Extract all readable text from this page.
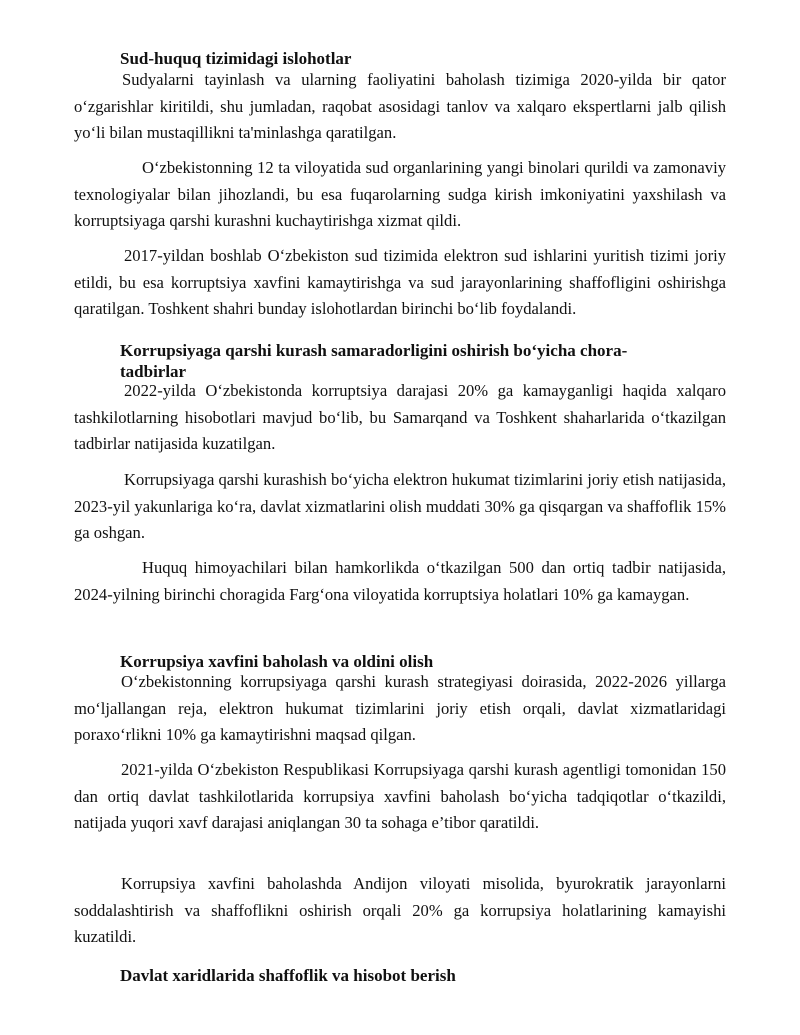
Sud-huquq tizimidagi islohotlar

Sudyalarni tayinlash va ularning faoliyatini baholash tizimiga 2020-yilda bir qator o‘zgarishlar kiritildi, shu jumladan, raqobat asosidagi tanlov va xalqaro ekspertlarni jalb qilish yo‘li bilan mustaqillikni ta'minlashga qaratilgan.

O‘zbekistonning 12 ta viloyatida sud organlarining yangi binolari qurildi va zamonaviy texnologiyalar bilan jihozlandi, bu esa fuqarolarning sudga kirish imkoniyatini yaxshilash va korruptsiyaga qarshi kurashni kuchaytirishga xizmat qildi.

2017-yildan boshlab O‘zbekiston sud tizimida elektron sud ishlarini yuritish tizimi joriy etildi, bu esa korruptsiya xavfini kamaytirishga va sud jarayonlarining shaffofligini oshirishga qaratilgan. Toshkent shahri bunday islohotlardan birinchi bo‘lib foydalandi.

Korrupsiyaga qarshi kurash samaradorligini oshirish bo‘yicha chora-tadbirlar

2022-yilda O‘zbekistonda korruptsiya darajasi 20% ga kamayganligi haqida xalqaro tashkilotlarning hisobotlari mavjud bo‘lib, bu Samarqand va Toshkent shaharlarida o‘tkazilgan tadbirlar natijasida kuzatilgan.

Korrupsiyaga qarshi kurashish bo‘yicha elektron hukumat tizimlarini joriy etish natijasida, 2023-yil yakunlariga ko‘ra, davlat xizmatlarini olish muddati 30% ga qisqargan va shaffoflik 15% ga oshgan.

Huquq himoyachilari bilan hamkorlikda o‘tkazilgan 500 dan ortiq tadbir natijasida, 2024-yilning birinchi choragida Farg‘ona viloyatida korruptsiya holatlari 10% ga kamaygan.

Korrupsiya xavfini baholash va oldini olish

O‘zbekistonning korrupsiyaga qarshi kurash strategiyasi doirasida, 2022-2026 yillarga mo‘ljallangan reja, elektron hukumat tizimlarini joriy etish orqali, davlat xizmatlaridagi poraxo‘rlikni 10% ga kamaytirishni maqsad qilgan.

2021-yilda O‘zbekiston Respublikasi Korrupsiyaga qarshi kurash agentligi tomonidan 150 dan ortiq davlat tashkilotlarida korrupsiya xavfini baholash bo‘yicha tadqiqotlar o‘tkazildi, natijada yuqori xavf darajasi aniqlangan 30 ta sohaga e’tibor qaratildi.

Korrupsiya xavfini baholashda Andijon viloyati misolida, byurokratik jarayonlarni soddalashtirish va shaffoflikni oshirish orqali 20% ga korrupsiya holatlarining kamayishi kuzatildi.

Davlat xaridlarida shaffoflik va hisobot berish
